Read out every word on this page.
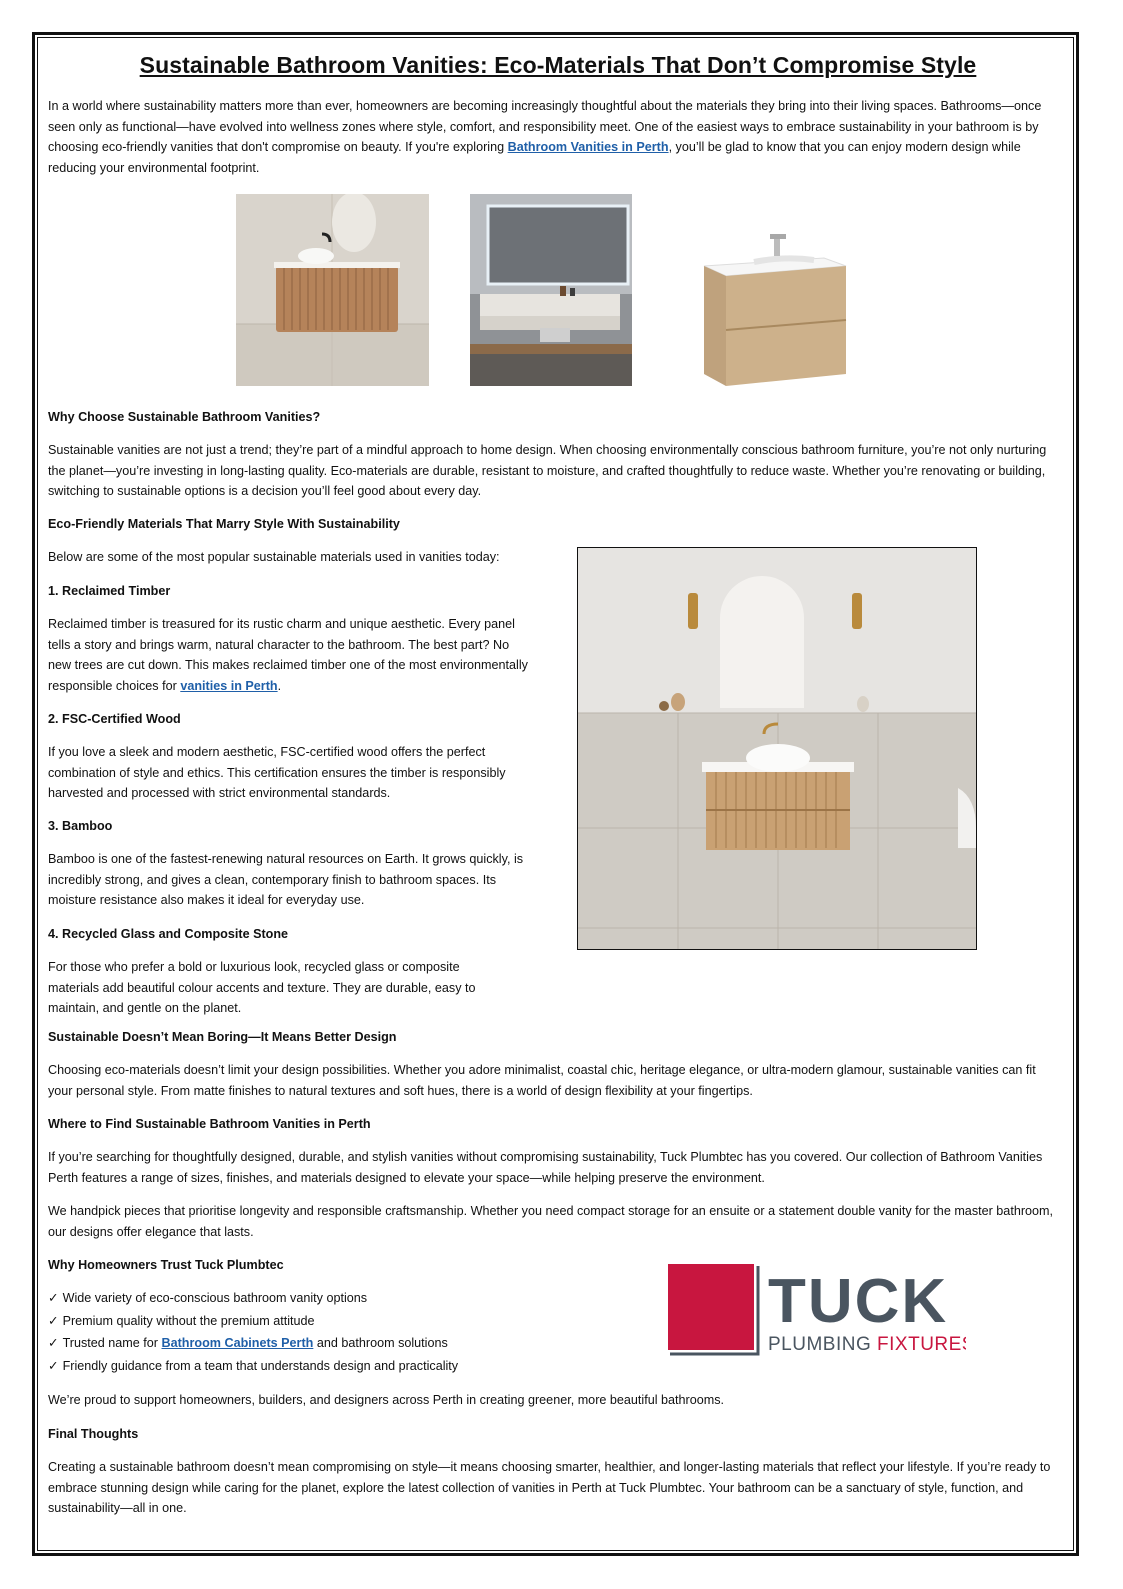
Sustainable Bathroom Vanities: Eco-Materials That Don’t Compromise Style

In a world where sustainability matters more than ever, homeowners are becoming increasingly thoughtful about the materials they bring into their living spaces. Bathrooms—once seen only as functional—have evolved into wellness zones where style, comfort, and responsibility meet. One of the easiest ways to embrace sustainability in your bathroom is by choosing eco-friendly vanities that don't compromise on beauty. If you're exploring Bathroom Vanities in Perth, you’ll be glad to know that you can enjoy modern design while reducing your environmental footprint.

Why Choose Sustainable Bathroom Vanities?

Sustainable vanities are not just a trend; they’re part of a mindful approach to home design. When choosing environmentally conscious bathroom furniture, you’re not only nurturing the planet—you’re investing in long-lasting quality. Eco-materials are durable, resistant to moisture, and crafted thoughtfully to reduce waste. Whether you’re renovating or building, switching to sustainable options is a decision you’ll feel good about every day.

Eco-Friendly Materials That Marry Style With Sustainability

Below are some of the most popular sustainable materials used in vanities today:

1. Reclaimed Timber

Reclaimed timber is treasured for its rustic charm and unique aesthetic. Every panel tells a story and brings warm, natural character to the bathroom. The best part? No new trees are cut down. This makes reclaimed timber one of the most environmentally responsible choices for vanities in Perth.

2. FSC-Certified Wood

If you love a sleek and modern aesthetic, FSC-certified wood offers the perfect combination of style and ethics. This certification ensures the timber is responsibly harvested and processed with strict environmental standards.

3. Bamboo

Bamboo is one of the fastest-renewing natural resources on Earth. It grows quickly, is incredibly strong, and gives a clean, contemporary finish to bathroom spaces. Its moisture resistance also makes it ideal for everyday use.

4. Recycled Glass and Composite Stone

For those who prefer a bold or luxurious look, recycled glass or composite materials add beautiful colour accents and texture. They are durable, easy to maintain, and gentle on the planet.

Sustainable Doesn’t Mean Boring—It Means Better Design

Choosing eco-materials doesn’t limit your design possibilities. Whether you adore minimalist, coastal chic, heritage elegance, or ultra-modern glamour, sustainable vanities can fit your personal style. From matte finishes to natural textures and soft hues, there is a world of design flexibility at your fingertips.

Where to Find Sustainable Bathroom Vanities in Perth

If you’re searching for thoughtfully designed, durable, and stylish vanities without compromising sustainability, Tuck Plumbtec has you covered. Our collection of Bathroom Vanities Perth features a range of sizes, finishes, and materials designed to elevate your space—while helping preserve the environment.

We handpick pieces that prioritise longevity and responsible craftsmanship. Whether you need compact storage for an ensuite or a statement double vanity for the master bathroom, our designs offer elegance that lasts.

Why Homeowners Trust Tuck Plumbtec

✓ Wide variety of eco-conscious bathroom vanity options
✓ Premium quality without the premium attitude
✓ Trusted name for Bathroom Cabinets Perth and bathroom solutions
✓ Friendly guidance from a team that understands design and practicality
TUCK
PLUMBING FIXTURES

We’re proud to support homeowners, builders, and designers across Perth in creating greener, more beautiful bathrooms.

Final Thoughts

Creating a sustainable bathroom doesn’t mean compromising on style—it means choosing smarter, healthier, and longer-lasting materials that reflect your lifestyle. If you’re ready to embrace stunning design while caring for the planet, explore the latest collection of vanities in Perth at Tuck Plumbtec. Your bathroom can be a sanctuary of style, function, and sustainability—all in one.
